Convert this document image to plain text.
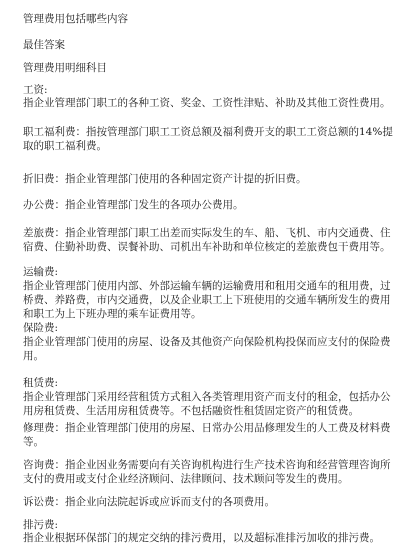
管理费用包括哪些内容
最佳答案
管理费用明细科目
工资:
指企业管理部门职工的各种工资、奖金、工资性津贴、补助及其他工资性费用。
职工福利费：指按管理部门职工工资总额及福利费开支的职工工资总额的14%提取的职工福利费。
折旧费：指企业管理部门使用的各种固定资产计提的折旧费。
办公费：指企业管理部门发生的各项办公费用。
差旅费：指企业管理部门职工出差而实际发生的车、船、飞机、市内交通费、住宿费、住勤补助费、误餐补助、司机出车补助和单位核定的差旅费包干费用等。
运输费:
指企业管理部门使用内部、外部运输车辆的运输费用和租用交通车的租用费，过桥费、养路费，市内交通费，以及企业职工上下班使用的交通车辆所发生的费用和职工为上下班办理的乘车证费用等。
保险费:
指企业管理部门使用的房屋、设备及其他资产向保险机构投保而应支付的保险费用。
租赁费:
指企业管理部门采用经营租赁方式租入各类管理用资产而支付的租金，包括办公用房租赁费、生活用房租赁费等。不包括融资性租赁固定资产的租赁费。
修理费：指企业管理部门使用的房屋、日常办公用品修理发生的人工费及材料费等。
咨询费：指企业因业务需要向有关咨询机构进行生产技术咨询和经营管理咨询所支付的费用或支付企业经济顾问、法律顾问、技术顾问等发生的费用。
诉讼费：指企业向法院起诉或应诉而支付的各项费用。
排污费:
指企业根据环保部门的规定交纳的排污费用，以及超标准排污加收的排污费。
